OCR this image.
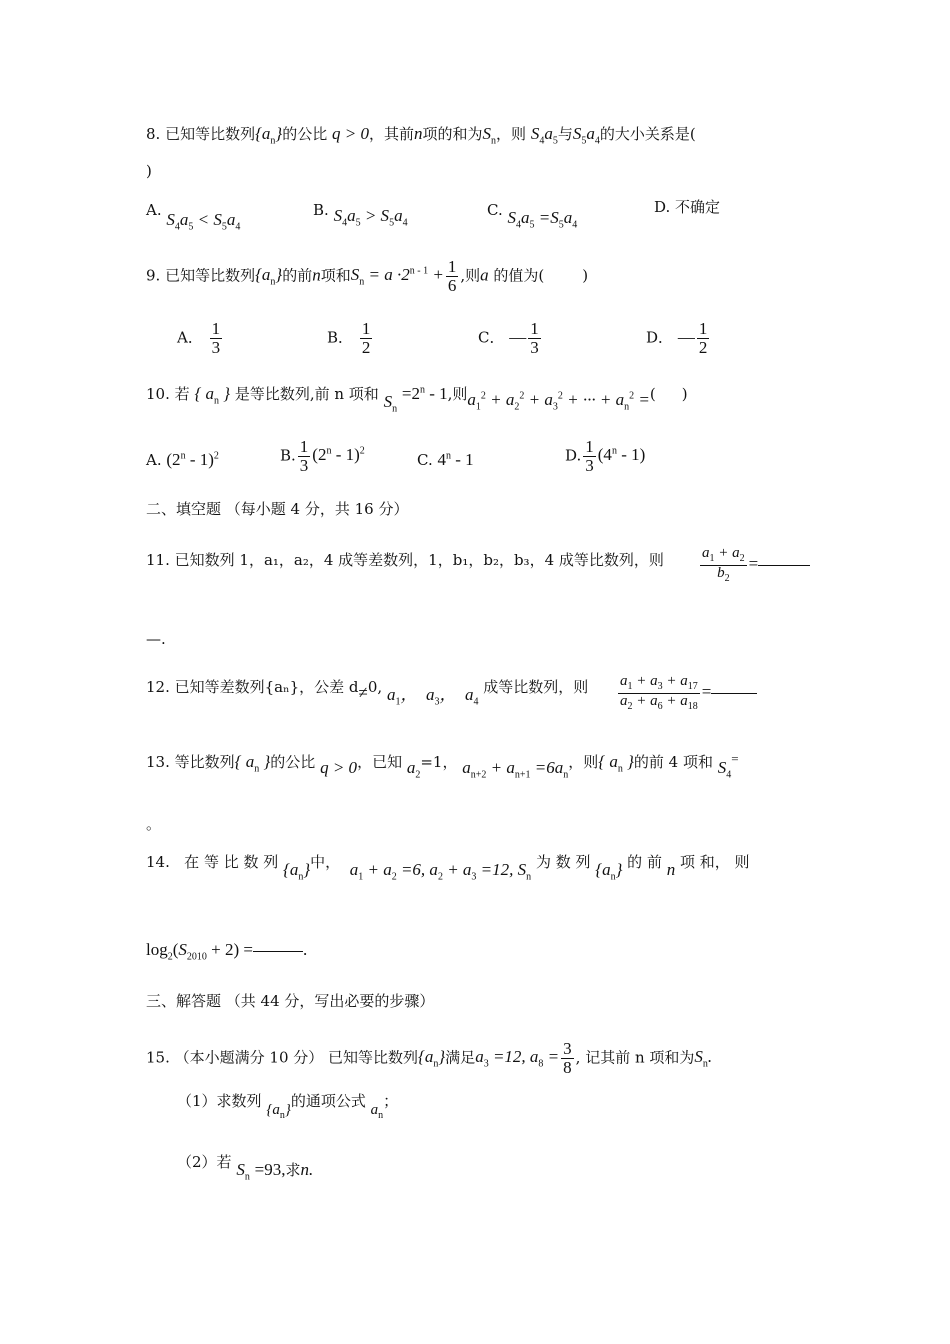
8. 已知等比数列$\{a_n\}$的公比 q > 0，其前n项的和为$S_n$，则 $S_4a_5$与$S_5a_4$的大小关系是(
)
A. $S_4a_5 < S_5a_4$
B. $S_4a_5 > S_5a_4$
C. $S_4a_5 =S_5a_4$
D. 不确定
9. 已知等比数列$\{a_n\}$的前n项和$S_n = a \cdot 2^{n - 1} + \frac{1}{6}$ ,则a 的值为(	)
A． $\frac{1}{3}$	B． $\frac{1}{2}$	C． — $\frac{1}{3}$	D． — $\frac{1}{2}$
10. 若 { $a_n$ } 是等比数列,前 n 项和 $S_n =2^n - 1$,则$a_1^2 + a_2^2 + a_3^2$ + ··· + $a_n^2$ =( )
A. (2$^n$ - 1)$^2$	B. $\frac{1}{3} (2^n - 1)^2$	C. 4$^n$ - 1	D. $\frac{1}{3} (4^n - 1)$
二、填空题 （每小题 4 分，共 16 分）
11. 已知数列 1，a₁，a₂，4 成等差数列，1，b₁，b₂，b₃，4 成等比数列，则 $\frac{a_1 + a_2}{b_2}$ =
—.
12. 已知等差数列{aₙ}，公差 d≠0, $a_1$，  $a_3$，  $a_4$ 成等比数列，则 $\frac{a_1 + a_3 + a_{17}}{a_2 + a_6 + a_{18}}$ =
13. 等比数列{ $a_n$ }的公比 q > 0，已知 $a_2=1$， $a_{n+2} + a_{n+1} =6a_n$，则{ $a_n$ }的前 4 项和 $S_4=$
。
14. 在 等 比 数 列 $\{a_n\}$中， $a_1 + a_2 =6$, $a_2 + a_3 =12$, $S_n$ 为 数 列 $\{a_n\}$ 的 前 n 项 和， 则
$\log_2(S_{2010} + 2)$ =	.
三、解答题 （共 44 分，写出必要的步骤）
15. （本小题满分 10 分） 已知等比数列$\{a_n\}$满足$a_3 =12$, $a_8 = \frac{3}{8}$ , 记其前 n 项和为$S_n$.
（1）求数列 $\{a_n\}$的通项公式 $a_n$；
（2）若 $S_n =93$,求n.
